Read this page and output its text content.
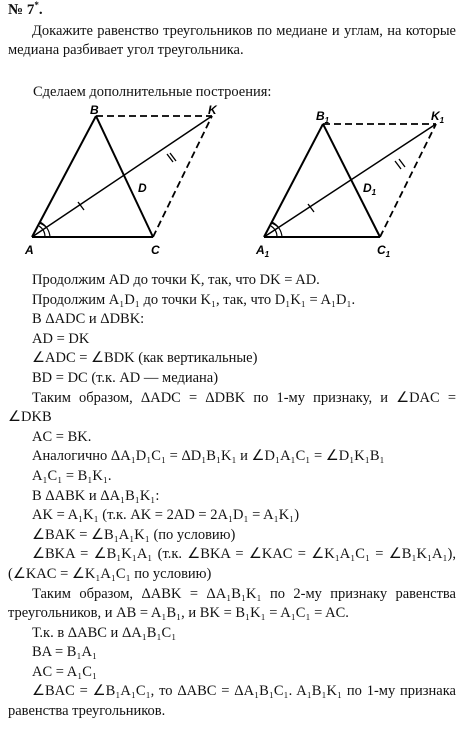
№ 7*.
Докажите равенство треугольников по медиане и углам, на которые медиана разбивает угол треугольника.
Сделаем дополнительные построения:
B	K
D
A	C
$B_1$	$K_1$
$D_1$
$A_1$	$C_1$
Продолжим AD до точки K, так, что DK = AD.
Продолжим A₁D₁ до точки K₁, так, что D₁K₁ = A₁D₁.
В ΔADC и ΔDBK:
AD = DK
∠ADC = ∠BDK (как вертикальные)
BD = DC (т.к. AD — медиана)
Таким образом, ΔADC = ΔDBK по 1-му признаку, и ∠DAC = ∠DKB
AC = BK.
Аналогично ΔA₁D₁C₁ = ΔD₁B₁K₁ и ∠D₁A₁C₁ = ∠D₁K₁B₁
A₁C₁ = B₁K₁.
В ΔABK и ΔA₁B₁K₁:
AK = A₁K₁ (т.к. AK = 2AD = 2A₁D₁ = A₁K₁)
∠BAK = ∠B₁A₁K₁ (по условию)
∠BKA = ∠B₁K₁A₁ (т.к. ∠BKA = ∠KAC = ∠K₁A₁C₁ = ∠B₁K₁A₁), (∠KAC = ∠K₁A₁C₁ по условию)
Таким образом, ΔABK = ΔA₁B₁K₁ по 2-му признаку равенства треугольников, и AB = A₁B₁, и BK = B₁K₁ = A₁C₁ = AC.
Т.к. в ΔABC и ΔA₁B₁C₁
BA = B₁A₁
AC = A₁C₁
∠BAC = ∠B₁A₁C₁, то ΔABC = ΔA₁B₁C₁. A₁B₁K₁ по 1-му признака равенства треугольников.
